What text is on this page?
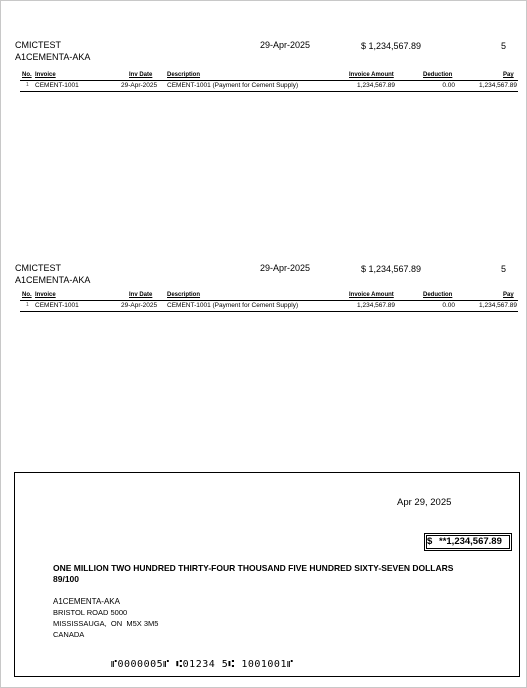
CMICTEST
A1CEMENTA-AKA
29-Apr-2025	$ 1,234,567.89	5
No. Invoice	Inv Date Description	Invoice Amount	Deduction	Pay
1 CEMENT-1001	29-Apr-2025 CEMENT-1001 (Payment for Cement Supply)	1,234,567.89	0.00	1,234,567.89
CMICTEST
A1CEMENTA-AKA
29-Apr-2025	$ 1,234,567.89	5
No. Invoice	Inv Date Description	Invoice Amount	Deduction	Pay
1 CEMENT-1001	29-Apr-2025 CEMENT-1001 (Payment for Cement Supply)	1,234,567.89	0.00	1,234,567.89
Apr 29, 2025
$ **1,234,567.89
ONE MILLION TWO HUNDRED THIRTY-FOUR THOUSAND FIVE HUNDRED SIXTY-SEVEN DOLLARS
89/100
A1CEMENTA-AKA
BRISTOL ROAD 5000
MISSISSAUGA,  ON  M5X 3M5
CANADA
⑈0000005⑈ ⑆01234 5⑆ 1001001⑈
